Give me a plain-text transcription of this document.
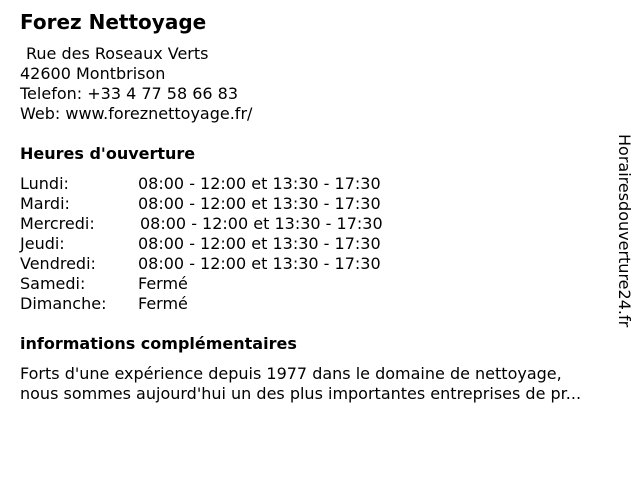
Forez Nettoyage
Rue des Roseaux Verts
42600 Montbrison
Telefon: +33 4 77 58 66 83
Web: www.foreznettoyage.fr/
Heures d'ouverture
Lundi:	08:00 - 12:00 et 13:30 - 17:30
Mardi:	08:00 - 12:00 et 13:30 - 17:30
Mercredi:	08:00 - 12:00 et 13:30 - 17:30
Jeudi:	08:00 - 12:00 et 13:30 - 17:30
Vendredi:	08:00 - 12:00 et 13:30 - 17:30
Samedi:	Fermé
Dimanche: Fermé
informations complémentaires
Forts d'une expérience depuis 1977 dans le domaine de nettoyage,
nous sommes aujourd'hui un des plus importantes entreprises de pr...
Horairesdouverture24.fr
